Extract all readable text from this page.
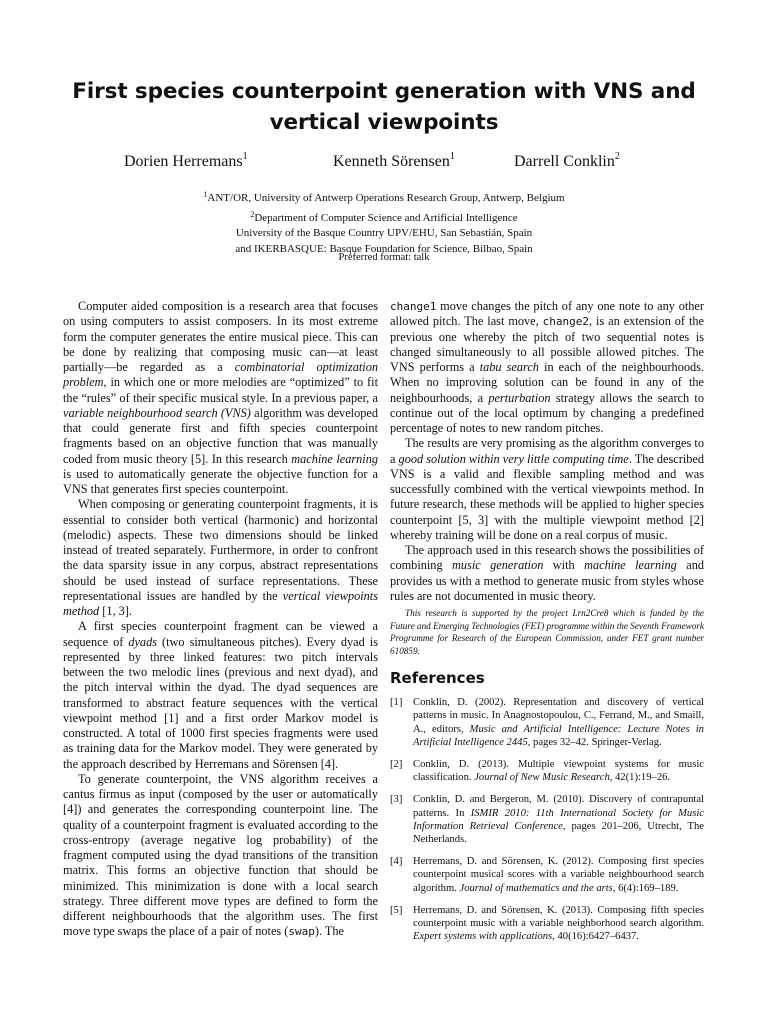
First species counterpoint generation with VNS and vertical viewpoints
Dorien Herremans$^1$	Kenneth Sörensen$^1$	Darrell Conklin$^2$

$^1$ANT/OR, University of Antwerp Operations Research Group, Antwerp, Belgium

$^2$Department of Computer Science and Artificial Intelligence

University of the Basque Country UPV/EHU, San Sebastián, Spain

and IKERBASQUE: Basque Foundation for Science, Bilbao, Spain

Preferred format: talk

Computer aided composition is a research area that focuses on using computers to assist composers. In its most extreme form the computer generates the entire musical piece. This can be done by realizing that composing music can—at least partially—be regarded as a combinatorial optimization problem, in which one or more melodies are “optimized” to fit the “rules” of their specific musical style. In a previous paper, a variable neighbourhood search (VNS) algorithm was developed that could generate first and fifth species counterpoint fragments based on an objective function that was manually coded from music theory [5]. In this research machine learning is used to automatically generate the objective function for a VNS that generates first species counterpoint.

When composing or generating counterpoint fragments, it is essential to consider both vertical (harmonic) and horizontal (melodic) aspects. These two dimensions should be linked instead of treated separately. Furthermore, in order to confront the data sparsity issue in any corpus, abstract representations should be used instead of surface representations. These representational issues are handled by the vertical viewpoints method [1, 3].

A first species counterpoint fragment can be viewed a sequence of dyads (two simultaneous pitches). Every dyad is represented by three linked features: two pitch intervals between the two melodic lines (previous and next dyad), and the pitch interval within the dyad. The dyad sequences are transformed to abstract feature sequences with the vertical viewpoint method [1] and a first order Markov model is constructed. A total of 1000 first species fragments were used as training data for the Markov model. They were generated by the approach described by Herremans and Sörensen [4].

To generate counterpoint, the VNS algorithm receives a cantus firmus as input (composed by the user or automatically [4]) and generates the corresponding counterpoint line. The quality of a counterpoint fragment is evaluated according to the cross-entropy (average negative log probability) of the fragment computed using the dyad transitions of the transition matrix. This forms an objective function that should be minimized. This minimization is done with a local search strategy. Three different move types are defined to form the different neighbourhoods that the algorithm uses. The first move type swaps the place of a pair of notes (swap). The

change1 move changes the pitch of any one note to any other allowed pitch. The last move, change2, is an extension of the previous one whereby the pitch of two sequential notes is changed simultaneously to all possible allowed pitches. The VNS performs a tabu search in each of the neighbourhoods. When no improving solution can be found in any of the neighbourhoods, a perturbation strategy allows the search to continue out of the local optimum by changing a predefined percentage of notes to new random pitches.

The results are very promising as the algorithm converges to a good solution within very little computing time. The described VNS is a valid and flexible sampling method and was successfully combined with the vertical viewpoints method. In future research, these methods will be applied to higher species counterpoint [5, 3] with the multiple viewpoint method [2] whereby training will be done on a real corpus of music.

The approach used in this research shows the possibilities of combining music generation with machine learning and provides us with a method to generate music from styles whose rules are not documented in music theory.

This research is supported by the project Lrn2Cre8 which is funded by the Future and Emerging Technologies (FET) programme within the Seventh Framework Programme for Research of the European Commission, under FET grant number 610859.

References
[1] Conklin, D. (2002). Representation and discovery of vertical patterns in music. In Anagnostopoulou, C., Ferrand, M., and Smaill, A., editors, Music and Artificial Intelligence: Lecture Notes in Artificial Intelligence 2445, pages 32–42. Springer-Verlag.
[2] Conklin, D. (2013). Multiple viewpoint systems for music classification. Journal of New Music Research, 42(1):19–26.
[3] Conklin, D. and Bergeron, M. (2010). Discovery of contrapuntal patterns. In ISMIR 2010: 11th International Society for Music Information Retrieval Conference, pages 201–206, Utrecht, The Netherlands.
[4] Herremans, D. and Sörensen, K. (2012). Composing first species counterpoint musical scores with a variable neighbourhood search algorithm. Journal of mathematics and the arts, 6(4):169–189.
[5] Herremans, D. and Sörensen, K. (2013). Composing fifth species counterpoint music with a variable neighborhood search algorithm. Expert systems with applications, 40(16):6427–6437.
